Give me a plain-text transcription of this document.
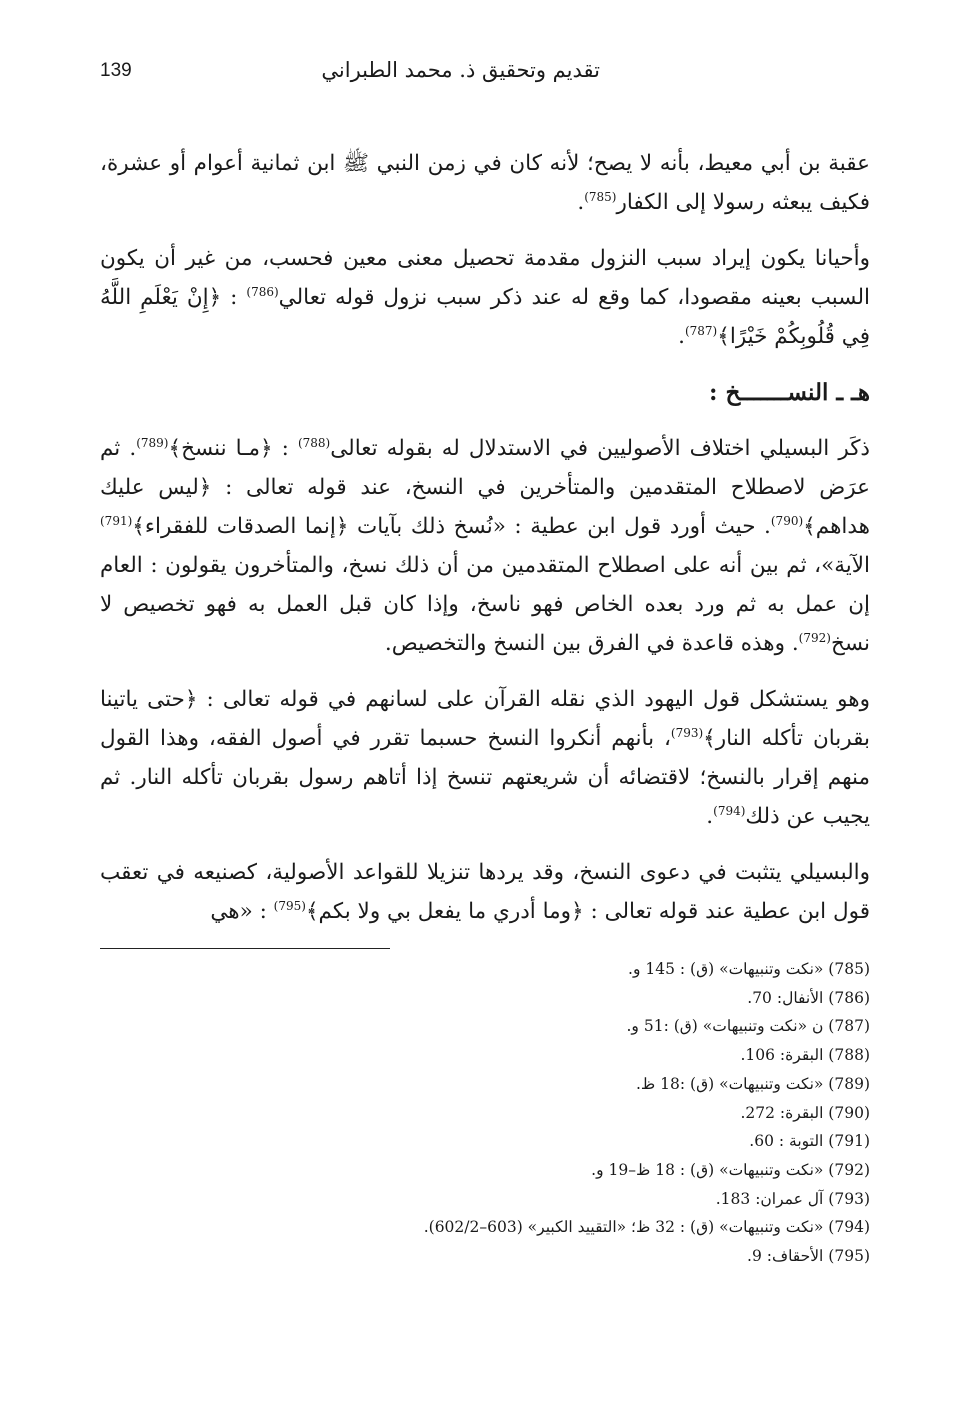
تقديم وتحقيق ذ. محمد الطبراني
139

عقبة بن أبي معيط، بأنه لا يصح؛ لأنه كان في زمن النبي ﷺ ابن ثمانية أعوام أو عشرة، فكيف يبعثه رسولا إلى الكفار$^{(785)}$.

وأحيانا يكون إيراد سبب النزول مقدمة تحصيل معنى معين فحسب، من غير أن يكون السبب بعينه مقصودا، كما وقع له عند ذكر سبب نزول قوله تعالي$^{(786)}$ : ﴿إِنْ يَعْلَمِ اللَّهُ فِي قُلُوبِكُمْ خَيْرًا﴾$^{(787)}$.

هـ ـ النســـــــخ :

ذكَر البسيلي اختلاف الأصوليين في الاستدلال له بقوله تعالى$^{(788)}$ : ﴿مـا ننسخ﴾$^{(789)}$. ثم عرَض لاصطلاح المتقدمين والمتأخرين في النسخ، عند قوله تعالى : ﴿ليس عليك هداهم﴾$^{(790)}$. حيث أورد قول ابن عطية : «نُسخ ذلك بآيات ﴿إنما الصدقات للفقراء﴾$^{(791)}$ الآية»، ثم بين أنه على اصطلاح المتقدمين من أن ذلك نسخ، والمتأخرون يقولون : العام إن عمل به ثم ورد بعده الخاص فهو ناسخ، وإذا كان قبل العمل به فهو تخصيص لا نسخ$^{(792)}$. وهذه قاعدة في الفرق بين النسخ والتخصيص.

وهو يستشكل قول اليهود الذي نقله القرآن على لسانهم في قوله تعالى : ﴿حتى ياتينا بقربان تأكله النار﴾$^{(793)}$، بأنهم أنكروا النسخ حسبما تقرر في أصول الفقه، وهذا القول منهم إقرار بالنسخ؛ لاقتضائه أن شريعتهم تنسخ إذا أتاهم رسول بقربان تأكله النار. ثم يجيب عن ذلك$^{(794)}$.

والبسيلي يتثبت في دعوى النسخ، وقد يردها تنزيلا للقواعد الأصولية، كصنيعه في تعقب قول ابن عطية عند قوله تعالى : ﴿وما أدري ما يفعل بي ولا بكم﴾$^{(795)}$ : «هي

(785) «نكت وتنبيهات» (ق) : 145 و.
(786) الأنفال: 70.
(787) ن «نكت وتنبيهات» (ق) :51 و.
(788) البقرة: 106.
(789) «نكت وتنبيهات» (ق) :18 ظ.
(790) البقرة: 272.
(791) التوبة : 60.
(792) «نكت وتنبيهات» (ق) : 18 ظ–19 و.
(793) آل عمران: 183.
(794) «نكت وتنبيهات» (ق) : 32 ظ؛ «التقييد الكبير» (603–602/2).
(795) الأحقاف: 9.
